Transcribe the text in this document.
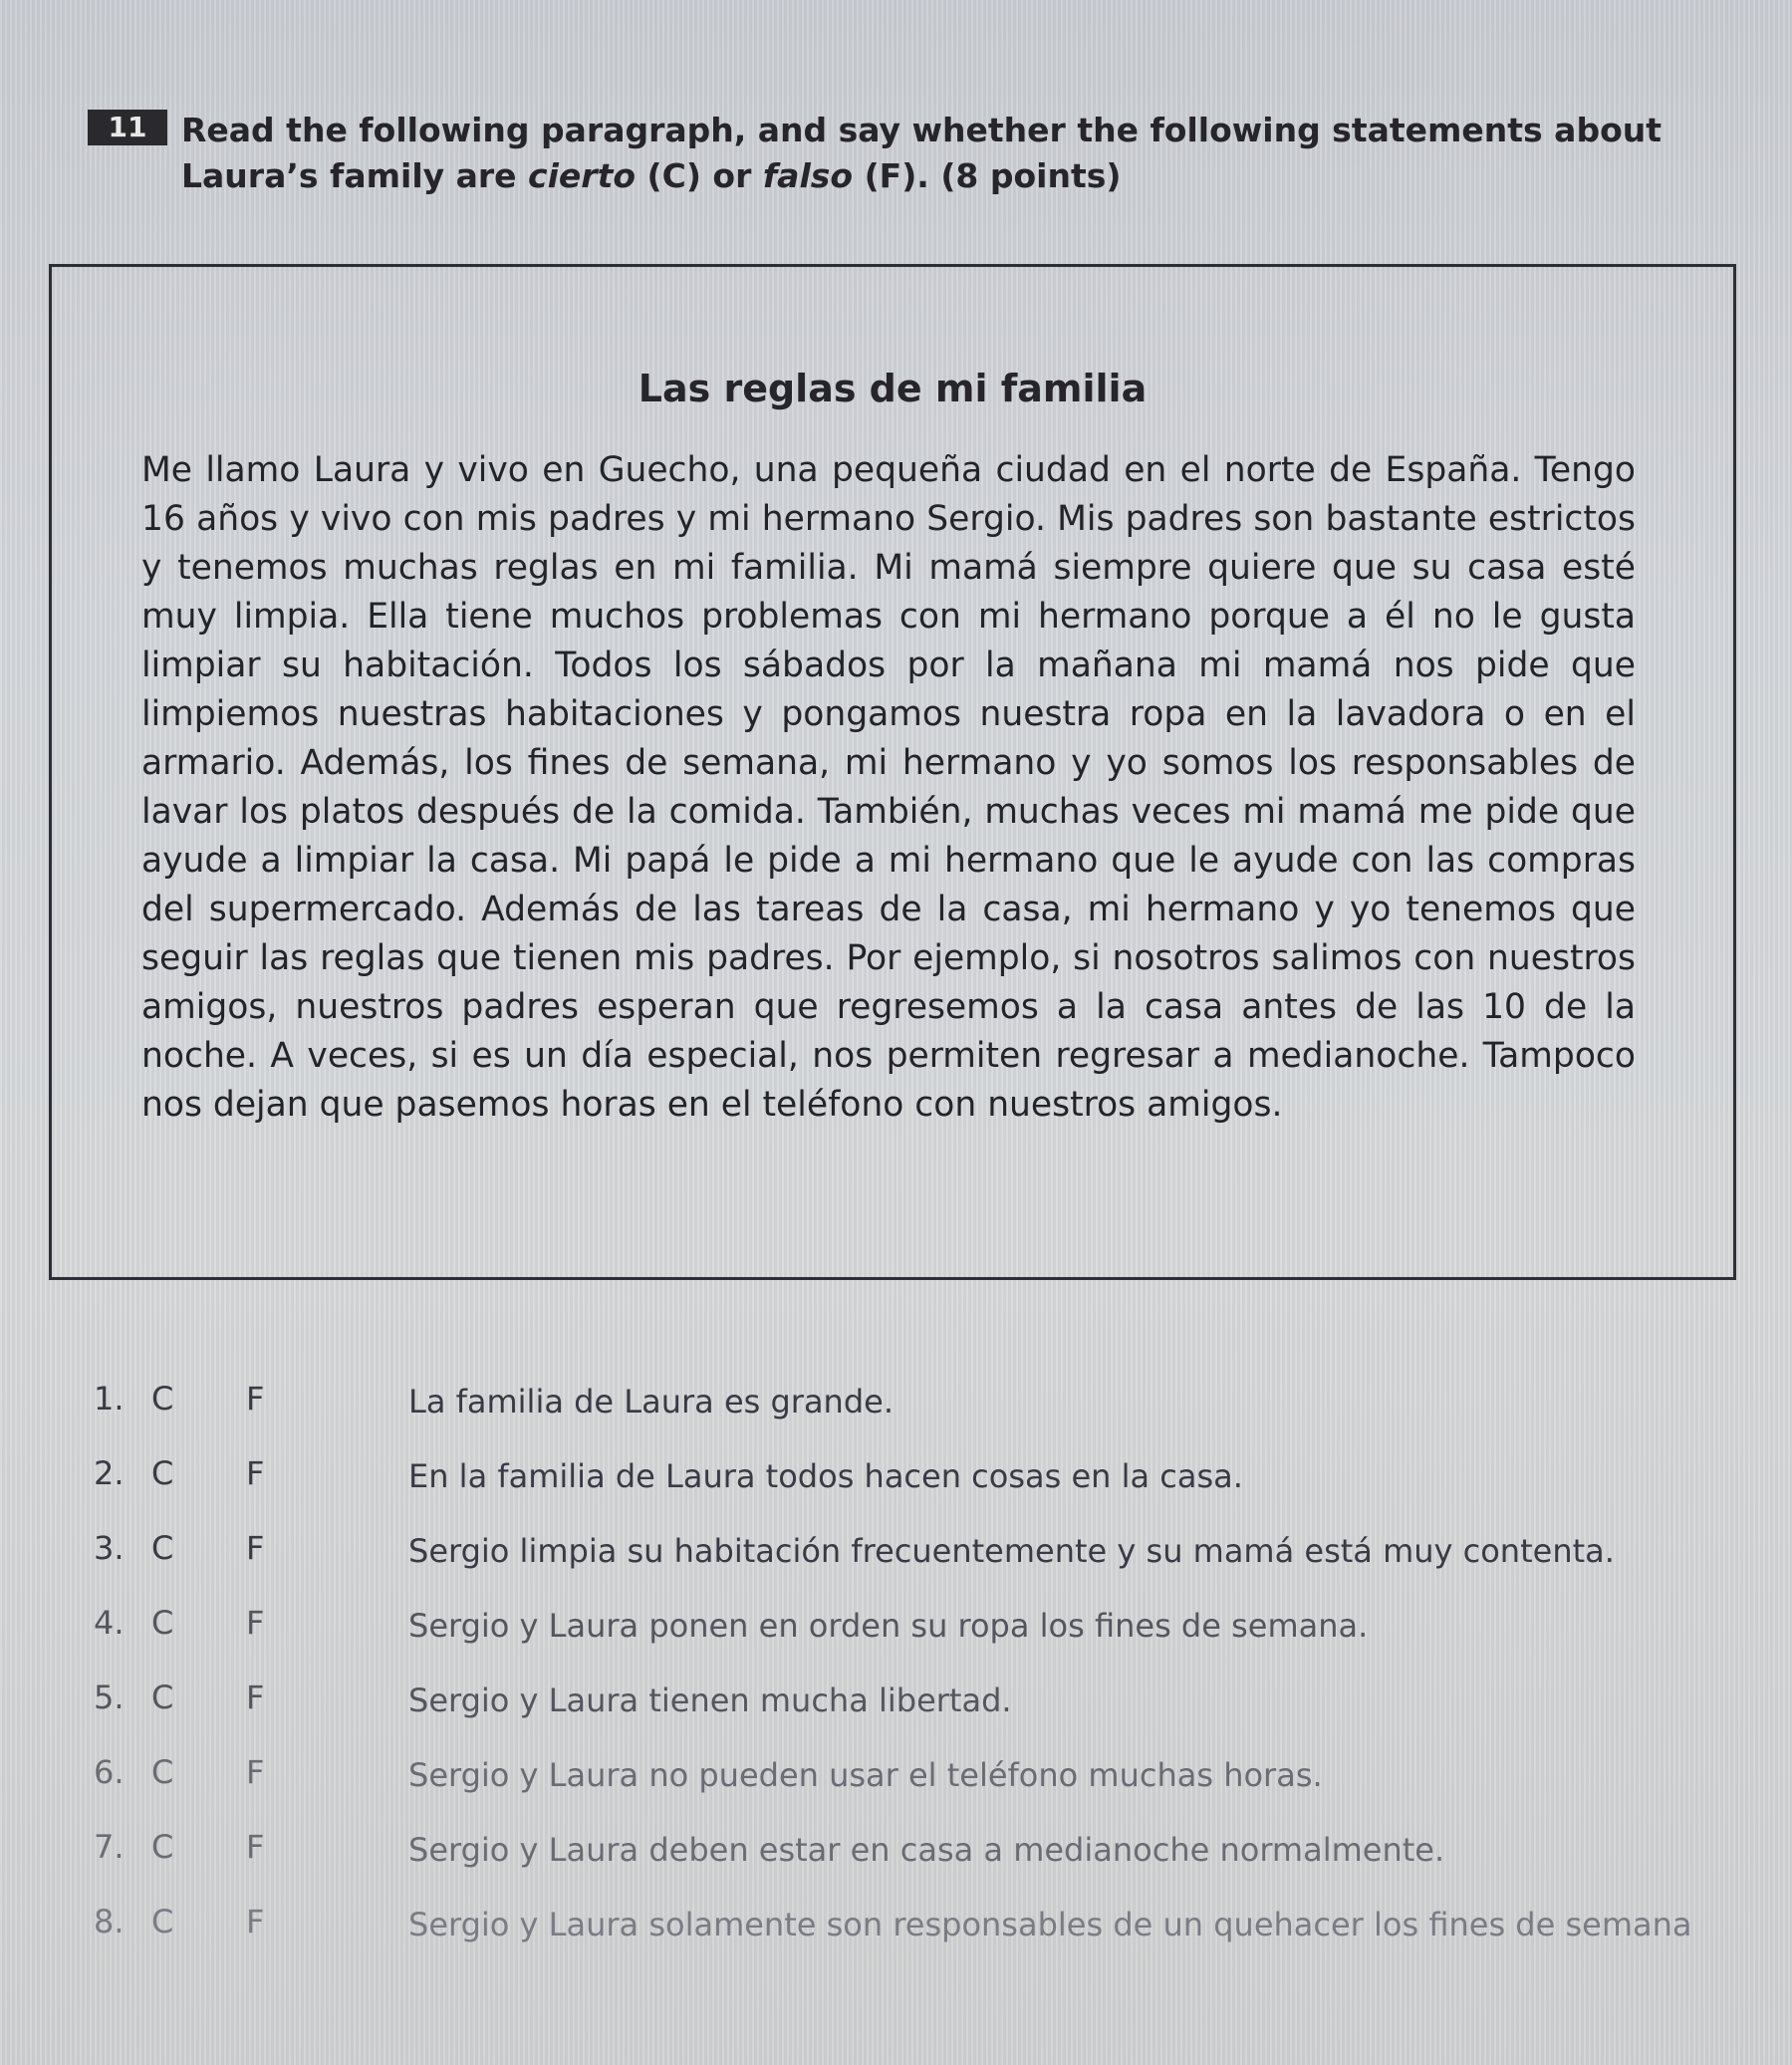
11	Read the following paragraph, and say whether the following statements about Laura’s family are cierto (C) or falso (F). (8 points)
Las reglas de mi familia
Me llamo Laura y vivo en Guecho, una pequeña ciudad en el norte de España. Tengo 16 años y vivo con mis padres y mi hermano Sergio. Mis padres son bastante estrictos y tenemos muchas reglas en mi familia. Mi mamá siempre quiere que su casa esté muy limpia. Ella tiene muchos problemas con mi hermano porque a él no le gusta limpiar su habitación. Todos los sábados por la mañana mi mamá nos pide que limpiemos nuestras habitaciones y pongamos nuestra ropa en la lavadora o en el armario. Además, los fines de semana, mi hermano y yo somos los responsables de lavar los platos después de la comida. También, muchas veces mi mamá me pide que ayude a limpiar la casa. Mi papá le pide a mi hermano que le ayude con las compras del supermercado. Además de las tareas de la casa, mi hermano y yo tenemos que seguir las reglas que tienen mis padres. Por ejemplo, si nosotros salimos con nuestros amigos, nuestros padres esperan que regresemos a la casa antes de las 10 de la noche. A veces, si es un día especial, nos permiten regresar a medianoche. Tampoco nos dejan que pasemos horas en el teléfono con nuestros amigos.
1. C F	La familia de Laura es grande.
2. C F	En la familia de Laura todos hacen cosas en la casa.
3. C F	Sergio limpia su habitación frecuentemente y su mamá está muy contenta.
4. C F	Sergio y Laura ponen en orden su ropa los fines de semana.
5. C F	Sergio y Laura tienen mucha libertad.
6. C F	Sergio y Laura no pueden usar el teléfono muchas horas.
7. C F	Sergio y Laura deben estar en casa a medianoche normalmente.
8. C F	Sergio y Laura solamente son responsables de un quehacer los fines de semana
